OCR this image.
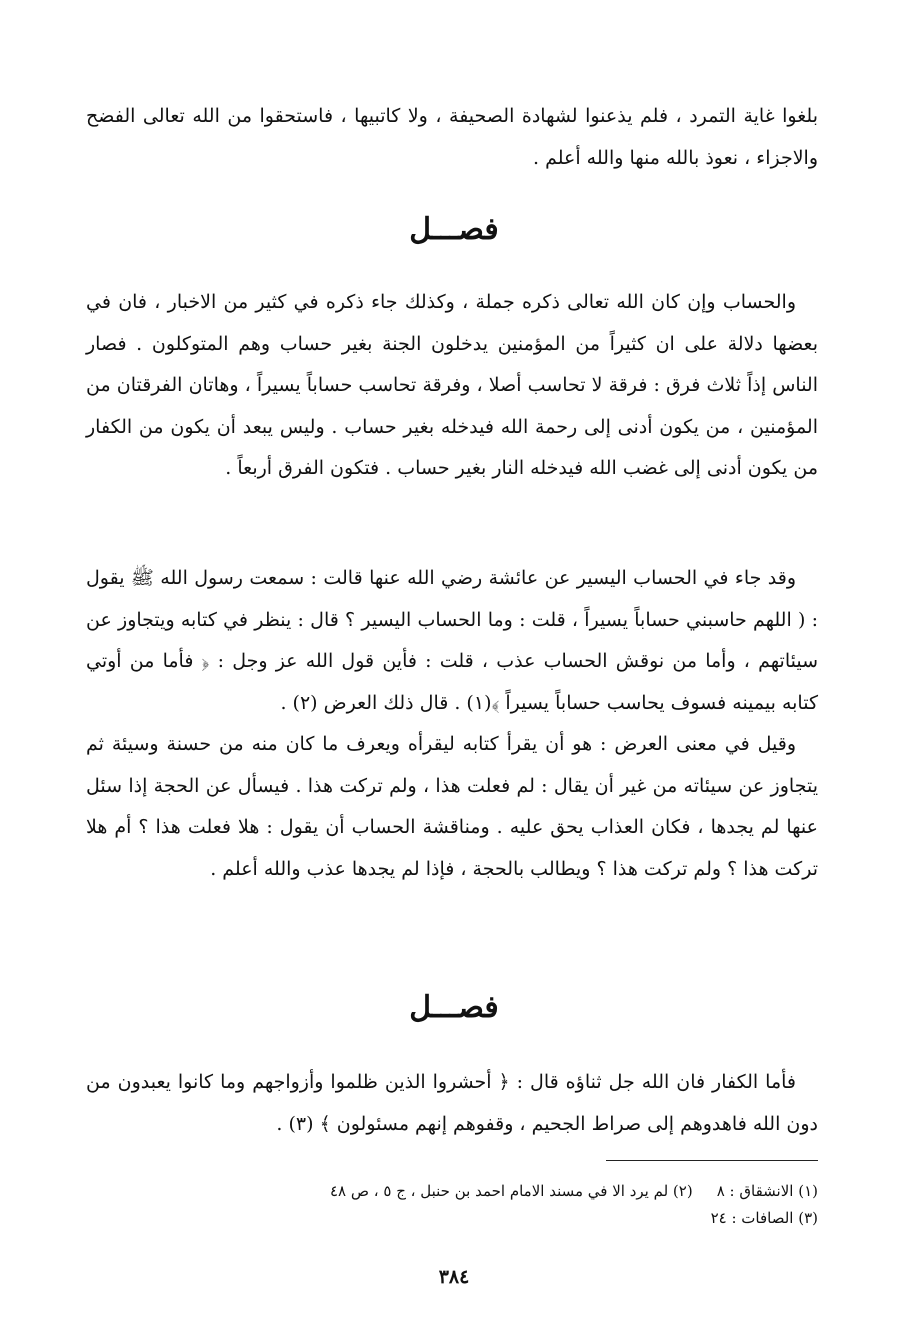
بلغوا غاية التمرد ، فلم يذعنوا لشهادة الصحيفة ، ولا كاتبيها ، فاستحقوا من الله تعالى الفضح والاجزاء ، نعوذ بالله منها والله أعلم .

فصـــل

والحساب وإن كان الله تعالى ذكره جملة ، وكذلك جاء ذكره في كثير من الاخبار ، فان في بعضها دلالة على ان كثيراً من المؤمنين يدخلون الجنة بغير حساب وهم المتوكلون . فصار الناس إذاً ثلاث فرق : فرقة لا تحاسب أصلا ، وفرقة تحاسب حساباً يسيراً ، وهاتان الفرقتان من المؤمنين ، من يكون أدنى إلى رحمة الله فيدخله بغير حساب . وليس يبعد أن يكون من الكفار من يكون أدنى إلى غضب الله فيدخله النار بغير حساب . فتكون الفرق أربعاً .

وقد جاء في الحساب اليسير عن عائشة رضي الله عنها قالت : سمعت رسول الله ﷺ يقول : ( اللهم حاسبني حساباً يسيراً ، قلت : وما الحساب اليسير ؟ قال : ينظر في كتابه ويتجاوز عن سيئاتهم ، وأما من نوقش الحساب عذب ، قلت : فأين قول الله عز وجل : ﴿ فأما من أوتي كتابه بيمينه فسوف يحاسب حساباً يسيراً ﴾(١) . قال ذلك العرض (٢) .

وقيل في معنى العرض : هو أن يقرأ كتابه ليقرأه ويعرف ما كان منه من حسنة وسيئة ثم يتجاوز عن سيئاته من غير أن يقال : لم فعلت هذا ، ولم تركت هذا . فيسأل عن الحجة إذا سئل عنها لم يجدها ، فكان العذاب يحق عليه . ومناقشة الحساب أن يقول : هلا فعلت هذا ؟ أم هلا تركت هذا ؟ ولم تركت هذا ؟ ويطالب بالحجة ، فإذا لم يجدها عذب والله أعلم .

فصـــل

فأما الكفار فان الله جل ثناؤه قال : ﴿ أحشروا الذين ظلموا وأزواجهم وما كانوا يعبدون من دون الله فاهدوهم إلى صراط الجحيم ، وقفوهم إنهم مسئولون ﴾ (٣) .

(١) الانشقاق : ٨
(٢) لم يرد الا في مسند الامام احمد بن حنبل ، ج ٥ ، ص ٤٨
(٣) الصافات : ٢٤
٣٨٤
